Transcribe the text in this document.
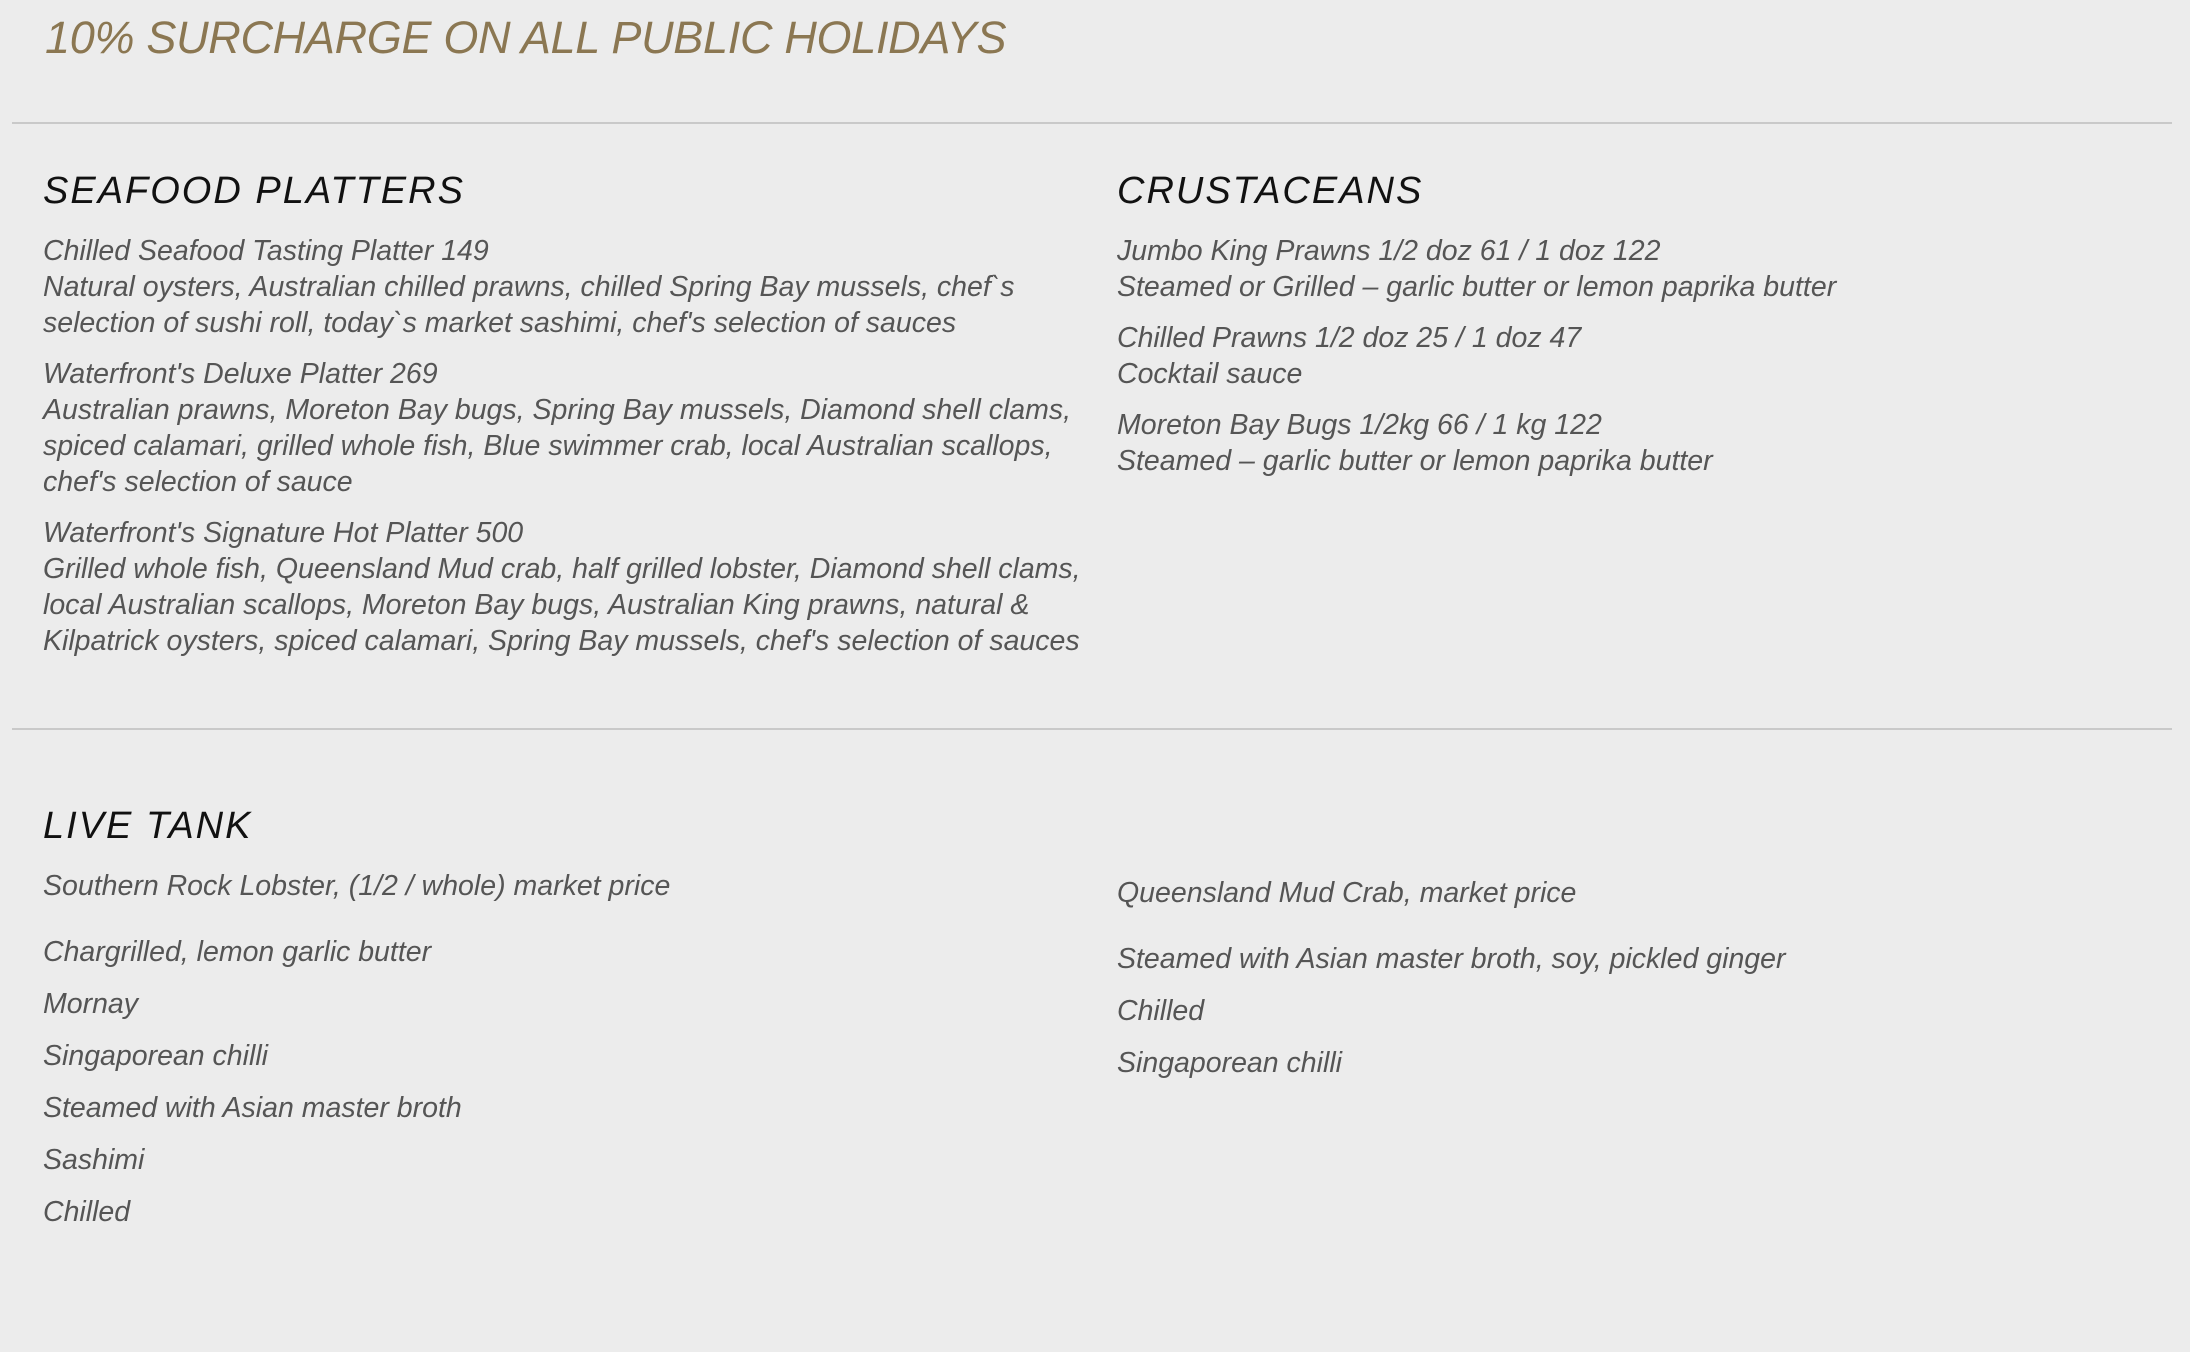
10% SURCHARGE ON ALL PUBLIC HOLIDAYS
SEAFOOD PLATTERS

Chilled Seafood Tasting Platter 149
Natural oysters, Australian chilled prawns, chilled Spring Bay mussels, chef`s
selection of sushi roll, today`s market sashimi, chef's selection of sauces

Waterfront's Deluxe Platter 269
Australian prawns, Moreton Bay bugs, Spring Bay mussels, Diamond shell clams,
spiced calamari, grilled whole fish, Blue swimmer crab, local Australian scallops,
chef's selection of sauce

Waterfront's Signature Hot Platter 500
Grilled whole fish, Queensland Mud crab, half grilled lobster, Diamond shell clams,
local Australian scallops, Moreton Bay bugs, Australian King prawns, natural &
Kilpatrick oysters, spiced calamari, Spring Bay mussels, chef's selection of sauces

CRUSTACEANS

Jumbo King Prawns 1/2 doz 61 / 1 doz 122
Steamed or Grilled – garlic butter or lemon paprika butter

Chilled Prawns 1/2 doz 25 / 1 doz 47
Cocktail sauce

Moreton Bay Bugs 1/2kg 66 / 1 kg 122
Steamed – garlic butter or lemon paprika butter

LIVE TANK

Southern Rock Lobster, (1/2 / whole) market price

Chargrilled, lemon garlic butter
Mornay
Singaporean chilli
Steamed with Asian master broth
Sashimi
Chilled

Queensland Mud Crab, market price

Steamed with Asian master broth, soy, pickled ginger
Chilled
Singaporean chilli
